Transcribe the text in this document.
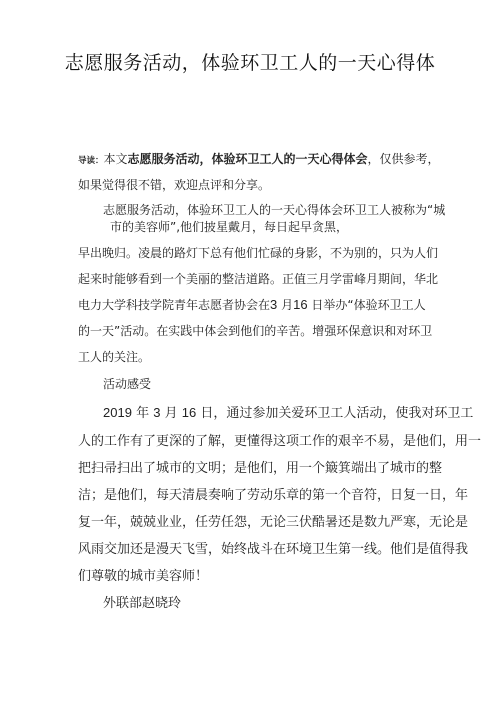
志愿服务活动，体验环卫工人的一天心得体
导读：本文志愿服务活动，体验环卫工人的一天心得体会，仅供参考，
如果觉得很不错，欢迎点评和分享。
志愿服务活动，体验环卫工人的一天心得体会环卫工人被称为“城
市的美容师”,他们披星戴月，每日起早贪黑，
早出晚归。凌晨的路灯下总有他们忙碌的身影，不为别的，只为人们
起来时能够看到一个美丽的整洁道路。正值三月学雷峰月期间，华北
电力大学科技学院青年志愿者协会在3 月16 日举办“体验环卫工人
的一天”活动。在实践中体会到他们的辛苦。增强环保意识和对环卫
工人的关注。
活动感受
2019 年 3 月 16 日，通过参加关爱环卫工人活动，使我对环卫工
人的工作有了更深的了解，更懂得这项工作的艰辛不易，是他们，用一
把扫帚扫出了城市的文明；是他们，用一个簸箕端出了城市的整
洁；是他们，每天清晨奏响了劳动乐章的第一个音符，日复一日，年
复一年，兢兢业业，任劳任怨，无论三伏酷暑还是数九严寒，无论是
风雨交加还是漫天飞雪，始终战斗在环境卫生第一线。他们是值得我
们尊敬的城市美容师！
外联部赵晓玲
